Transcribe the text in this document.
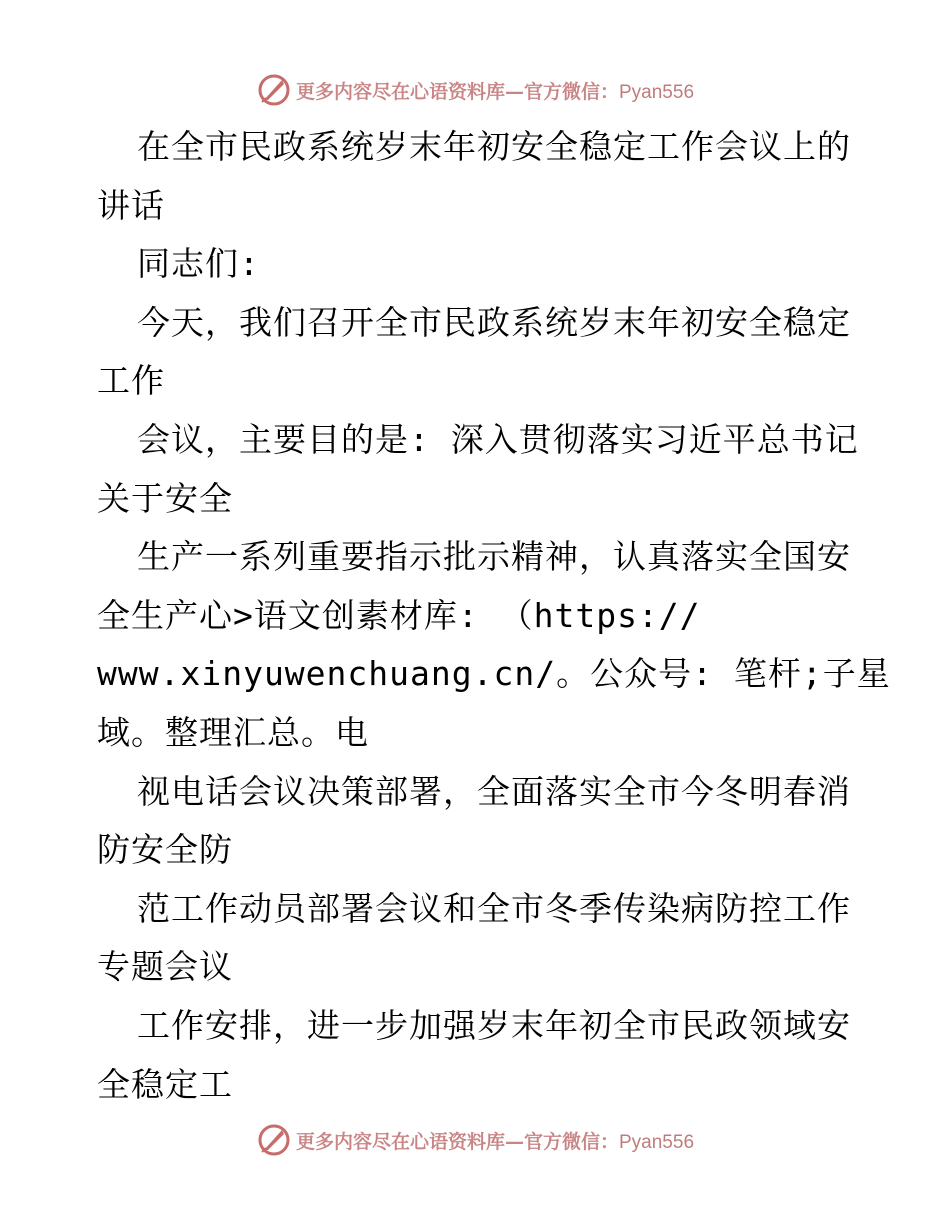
更多内容尽在心语资料库—官方微信：Pyan556
在全市民政系统岁末年初安全稳定工作会议上的
讲话
同志们:
今天，我们召开全市民政系统岁末年初安全稳定
工作
会议，主要目的是: 深入贯彻落实习近平总书记
关于安全
生产一系列重要指示批示精神，认真落实全国安
全生产心>语文创素材库: （https://
www.xinyuwenchuang.cn/。公众号: 笔杆;子星
域。整理汇总。电
视电话会议决策部署，全面落实全市今冬明春消
防安全防
范工作动员部署会议和全市冬季传染病防控工作
专题会议
工作安排，进一步加强岁末年初全市民政领域安
全稳定工
更多内容尽在心语资料库—官方微信：Pyan556
